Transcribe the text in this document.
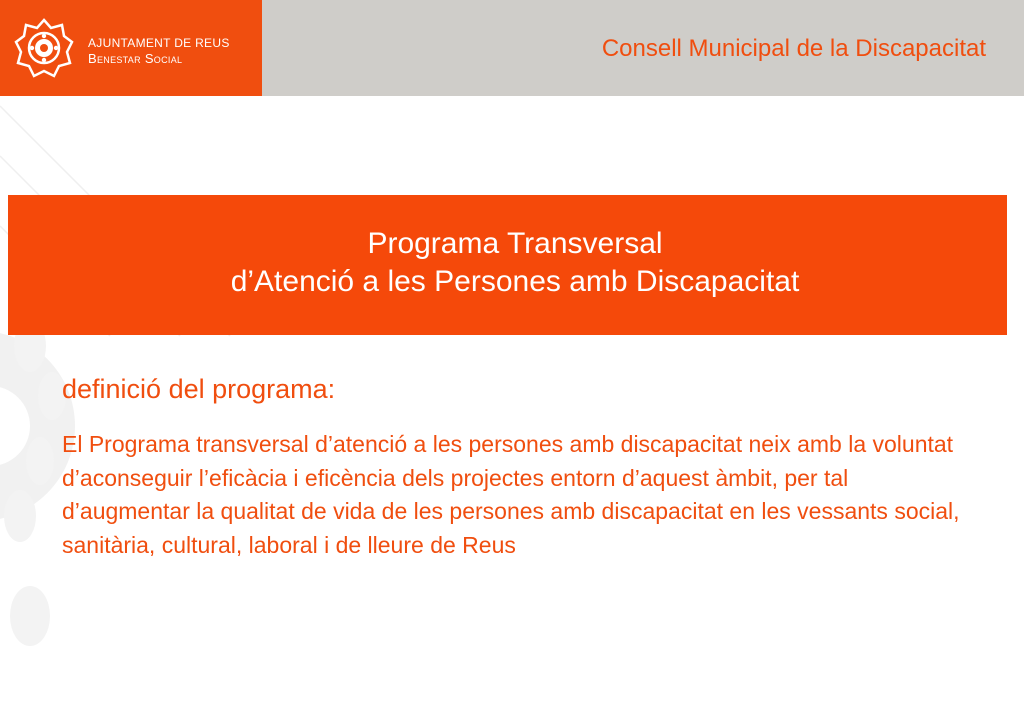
AJUNTAMENT DE REUS
Benestar Social	Consell Municipal de la Discapacitat
Programa Transversal
d’Atenció a les Persones amb Discapacitat
definició del programa:

El Programa transversal d’atenció a les persones amb discapacitat neix amb la voluntat d’aconseguir l’eficàcia i eficència dels projectes entorn d’aquest àmbit, per tal d’augmentar la qualitat de vida de les persones amb discapacitat en les vessants social, sanitària, cultural, laboral i de lleure de Reus
